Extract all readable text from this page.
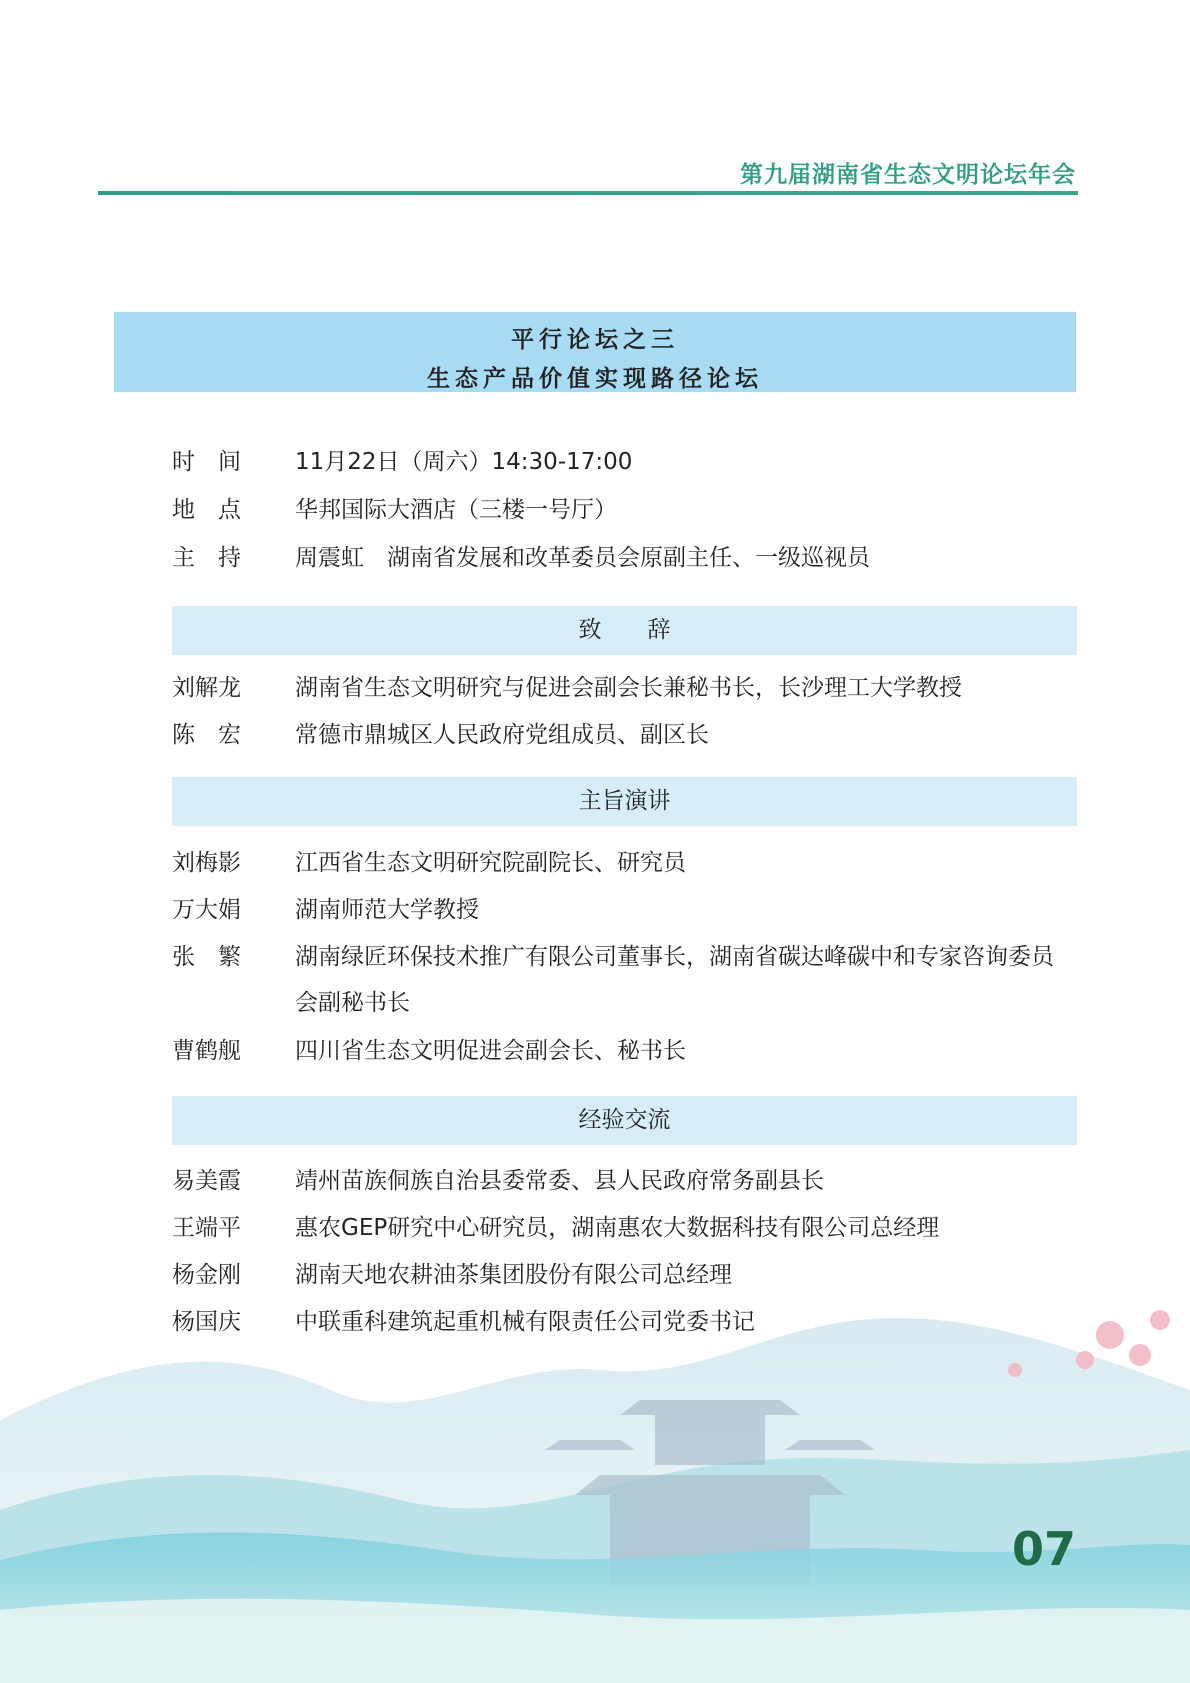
第九届湖南省生态文明论坛年会
平行论坛之三
生态产品价值实现路径论坛
时　间 11月22日（周六）14:30-17:00
地　点 华邦国际大酒店（三楼一号厅）
主　持 周震虹　湖南省发展和改革委员会原副主任、一级巡视员
致　　辞
刘解龙 湖南省生态文明研究与促进会副会长兼秘书长，长沙理工大学教授
陈　宏 常德市鼎城区人民政府党组成员、副区长
主旨演讲
刘梅影 江西省生态文明研究院副院长、研究员
万大娟 湖南师范大学教授
张　繁 湖南绿匠环保技术推广有限公司董事长，湖南省碳达峰碳中和专家咨询委员会副秘书长
曹鹤舰 四川省生态文明促进会副会长、秘书长
经验交流
易美霞 靖州苗族侗族自治县委常委、县人民政府常务副县长
王端平 惠农GEP研究中心研究员，湖南惠农大数据科技有限公司总经理
杨金刚 湖南天地农耕油茶集团股份有限公司总经理
杨国庆 中联重科建筑起重机械有限责任公司党委书记
07
